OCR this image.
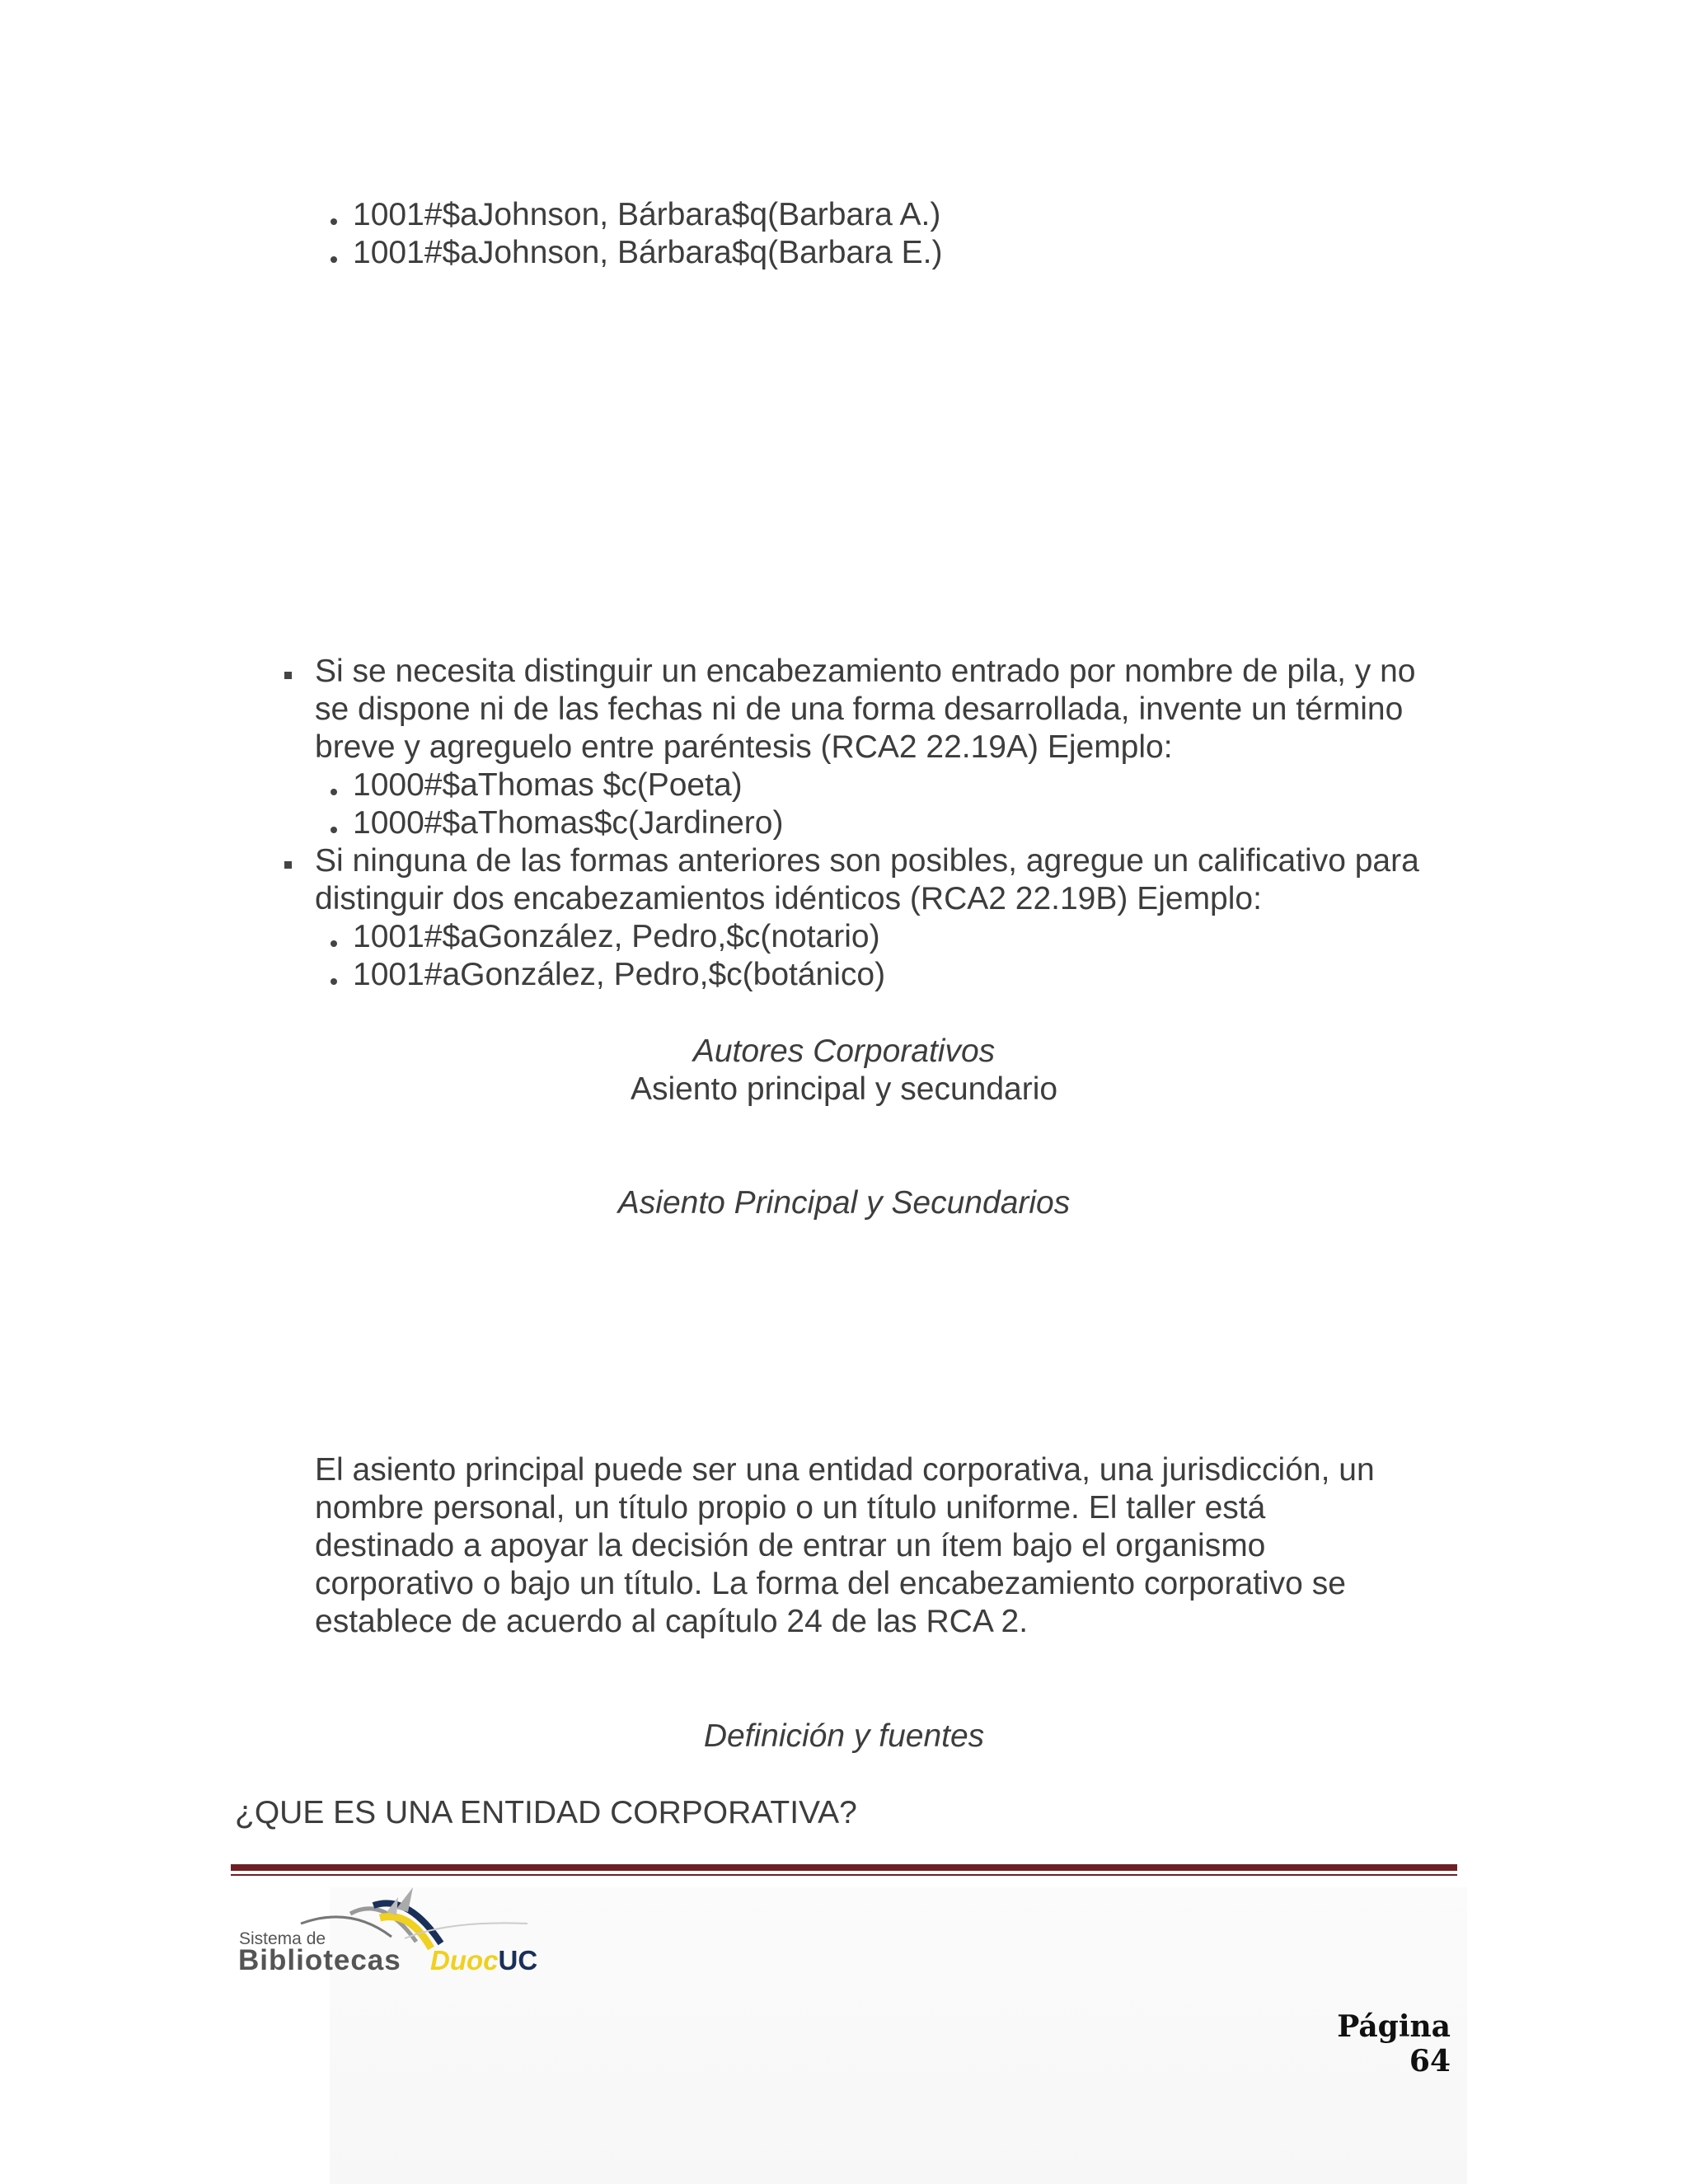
1001#$aJohnson, Bárbara$q(Barbara A.)
1001#$aJohnson, Bárbara$q(Barbara E.)
Si se necesita distinguir un encabezamiento entrado por nombre de pila, y no
se dispone ni de las fechas ni de una forma desarrollada, invente un término
breve y agreguelo entre paréntesis (RCA2 22.19A) Ejemplo:
1000#$aThomas $c(Poeta)
1000#$aThomas$c(Jardinero)
Si ninguna de las formas anteriores son posibles, agregue un calificativo para
distinguir dos encabezamientos idénticos (RCA2 22.19B) Ejemplo:
1001#$aGonzález, Pedro,$c(notario)
1001#aGonzález, Pedro,$c(botánico)
Autores Corporativos
Asiento principal y secundario
Asiento Principal y Secundarios
El asiento principal puede ser una entidad corporativa, una jurisdicción, un
nombre personal, un título propio o un título uniforme. El taller está
destinado a apoyar la decisión de entrar un ítem bajo el organismo
corporativo o bajo un título. La forma del encabezamiento corporativo se
establece de acuerdo al capítulo 24 de las RCA 2.
Definición y fuentes
¿QUE ES UNA ENTIDAD CORPORATIVA?
Sistema de
Bibliotecas DuocUC
Página 64
